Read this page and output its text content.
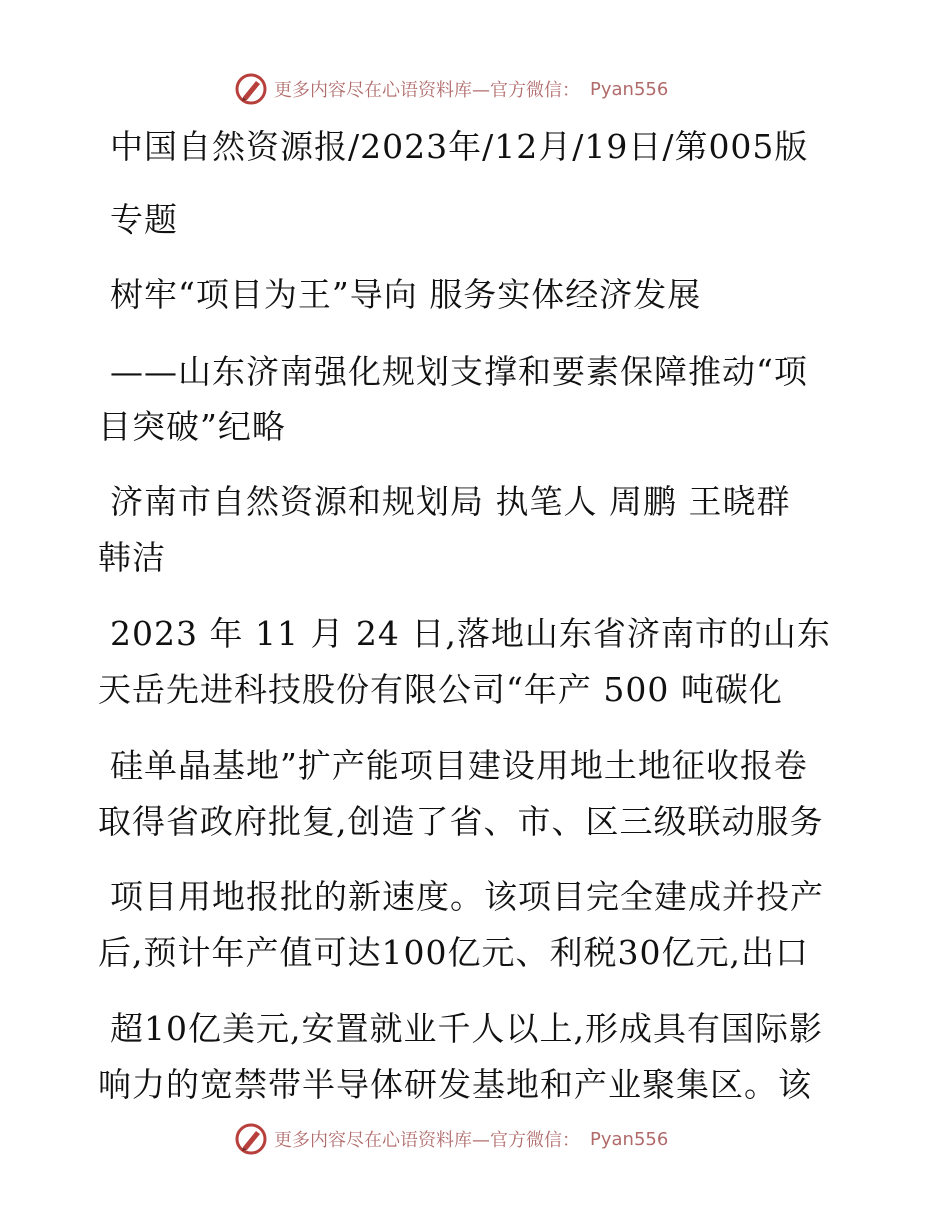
更多内容尽在心语资料库—官方微信： Pyan556
中国自然资源报/2023年/12月/19日/第005版
专题
树牢“项目为王”导向 服务实体经济发展
——山东济南强化规划支撑和要素保障推动“项
目突破”纪略
济南市自然资源和规划局 执笔人 周鹏 王晓群
韩洁
2023 年 11 月 24 日,落地山东省济南市的山东
天岳先进科技股份有限公司“年产 500 吨碳化
硅单晶基地”扩产能项目建设用地土地征收报卷
取得省政府批复,创造了省、市、区三级联动服务
项目用地报批的新速度。该项目完全建成并投产
后,预计年产值可达100亿元、利税30亿元,出口
超10亿美元,安置就业千人以上,形成具有国际影
响力的宽禁带半导体研发基地和产业聚集区。该
更多内容尽在心语资料库—官方微信： Pyan556
